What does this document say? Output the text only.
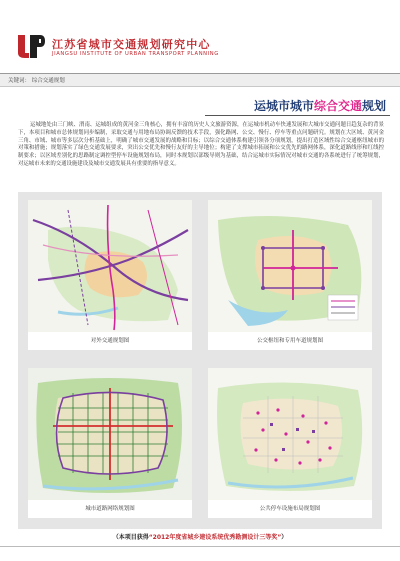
江苏省城市交通规划研究中心
JIANGSU INSTITUTE OF URBAN TRANSPORT PLANNING
关键词： 综合交通规划
运城市城市综合交通规划
运城地处由三门峡、渭南、运城组成的黄河金三角核心，拥有丰富的历史人文旅游资源，在运城市机动车快速发展和大城市交通问题日趋复杂的背景下，本项目和城市总体规划同步编制，采取交通与用地布局协调反馈的技术手段，强化路网、公交、慢行、停车等重点问题研究。规划在大区域、黄河金三角、市域、城市等多层次分析基础上，明确了城市交通发展的战略和目标；以综合交通体系构建引领各分项规划，提出打造区域性综合交通枢纽城市的对策和措施；规划落实了绿色交通发展要求，突出公交优先和慢行友好的主导地位；构建了支撑城市拓展和公交优先的路网体系，深化道路线形和红线控制要求；以区域差别化的思路制定调控型停车设施规划布局，同时本规划以部级导则为基础，结合运城市实际情况对城市交通的各系统进行了统筹规划，对运城市未来的交通设施建设及城市交通发展具有重要的指导意义。
对外交通规划图	公交枢纽和专用车道规划图
城市道路网络规划图	公共停车设施布局规划图
（本项目获得“2012年度省城乡建设系统优秀勘测设计三等奖”）
